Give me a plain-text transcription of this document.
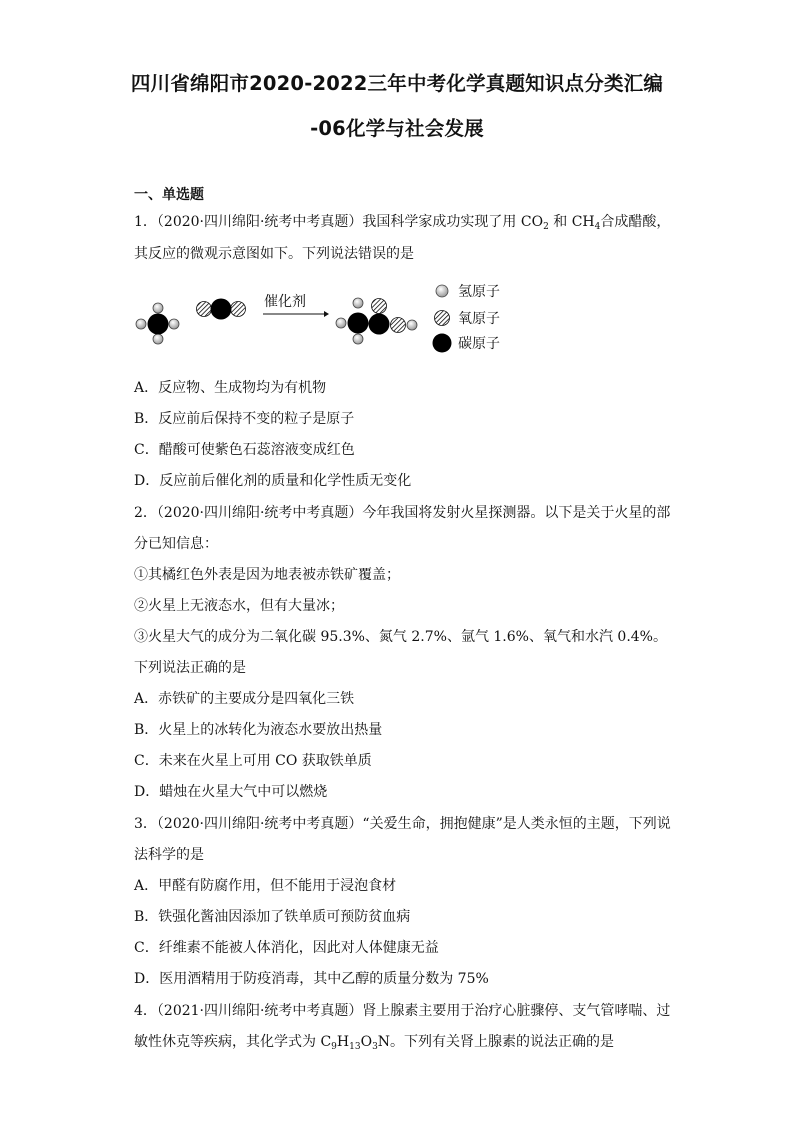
四川省绵阳市2020-2022三年中考化学真题知识点分类汇编
-06化学与社会发展
一、单选题
1．（2020·四川绵阳·统考中考真题）我国科学家成功实现了用 $CO_2$ 和 $CH_4$合成醋酸，
其反应的微观示意图如下。下列说法错误的是
催化剂
氢原子
氧原子
碳原子
A．反应物、生成物均为有机物
B．反应前后保持不变的粒子是原子
C．醋酸可使紫色石蕊溶液变成红色
D．反应前后催化剂的质量和化学性质无变化
2．（2020·四川绵阳·统考中考真题）今年我国将发射火星探测器。以下是关于火星的部
分已知信息：
①其橘红色外表是因为地表被赤铁矿覆盖；
②火星上无液态水，但有大量冰；
③火星大气的成分为二氧化碳 95.3%、氮气 2.7%、氩气 1.6%、氧气和水汽 0.4%。
下列说法正确的是
A．赤铁矿的主要成分是四氧化三铁
B．火星上的冰转化为液态水要放出热量
C．未来在火星上可用 CO 获取铁单质
D．蜡烛在火星大气中可以燃烧
3．（2020·四川绵阳·统考中考真题）“关爱生命，拥抱健康”是人类永恒的主题，下列说
法科学的是
A．甲醛有防腐作用，但不能用于浸泡食材
B．铁强化酱油因添加了铁单质可预防贫血病
C．纤维素不能被人体消化，因此对人体健康无益
D．医用酒精用于防疫消毒，其中乙醇的质量分数为 75%
4．（2021·四川绵阳·统考中考真题）肾上腺素主要用于治疗心脏骤停、支气管哮喘、过
敏性休克等疾病，其化学式为 $C_9H_{13}O_3N$。下列有关肾上腺素的说法正确的是
